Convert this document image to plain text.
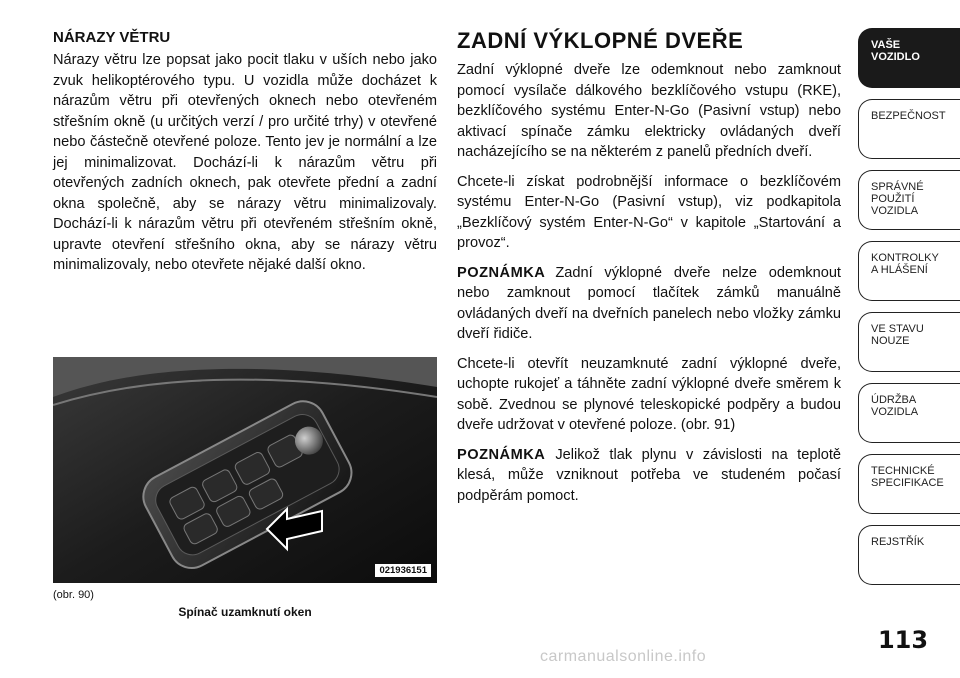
NÁRAZY VĚTRU

Nárazy větru lze popsat jako pocit tlaku v uších nebo jako zvuk helikoptérového typu. U vozidla může docházet k nárazům větru při otevřených oknech nebo otevřeném střešním okně (u určitých verzí / pro určité trhy) v otevřené nebo částečně otevřené poloze. Tento jev je normální a lze jej minimalizovat. Dochází-li k nárazům větru při otevřených zadních oknech, pak otevřete přední a zadní okna společně, aby se nárazy větru minimalizovaly. Dochází-li k nárazům větru při otevřeném střešním okně, upravte otevření střešního okna, aby se nárazy větru minimalizovaly, nebo otevřete nějaké další okno.

021936151
(obr. 90)
Spínač uzamknutí oken
ZADNÍ VÝKLOPNÉ DVEŘE

Zadní výklopné dveře lze odemknout nebo zamknout pomocí vysílače dálkového bezklíčového vstupu (RKE), bezklíčového systému Enter-N-Go (Pasivní vstup) nebo aktivací spínače zámku elektricky ovládaných dveří nacházejícího se na některém z panelů předních dveří.

Chcete-li získat podrobnější informace o bezklíčovém systému Enter-N-Go (Pasivní vstup), viz podkapitola „Bezklíčový systém Enter-N-Go“ v kapitole „Startování a provoz“.

POZNÁMKA Zadní výklopné dveře nelze odemknout nebo zamknout pomocí tlačítek zámků manuálně ovládaných dveří na dveřních panelech nebo vložky zámku dveří řidiče.

Chcete-li otevřít neuzamknuté zadní výklopné dveře, uchopte rukojeť a táhněte zadní výklopné dveře směrem k sobě. Zvednou se plynové teleskopické podpěry a budou dveře udržovat v otevřené poloze. (obr. 91)

POZNÁMKA Jelikož tlak plynu v závislosti na teplotě klesá, může vzniknout potřeba ve studeném počasí podpěrám pomoct.

VAŠE
VOZIDLO
BEZPEČNOST
SPRÁVNÉ
POUŽITÍ
VOZIDLA
KONTROLKY
A HLÁŠENÍ
VE STAVU
NOUZE
ÚDRŽBA
VOZIDLA
TECHNICKÉ
SPECIFIKACE
REJSTŘÍK
113
carmanualsonline.info
